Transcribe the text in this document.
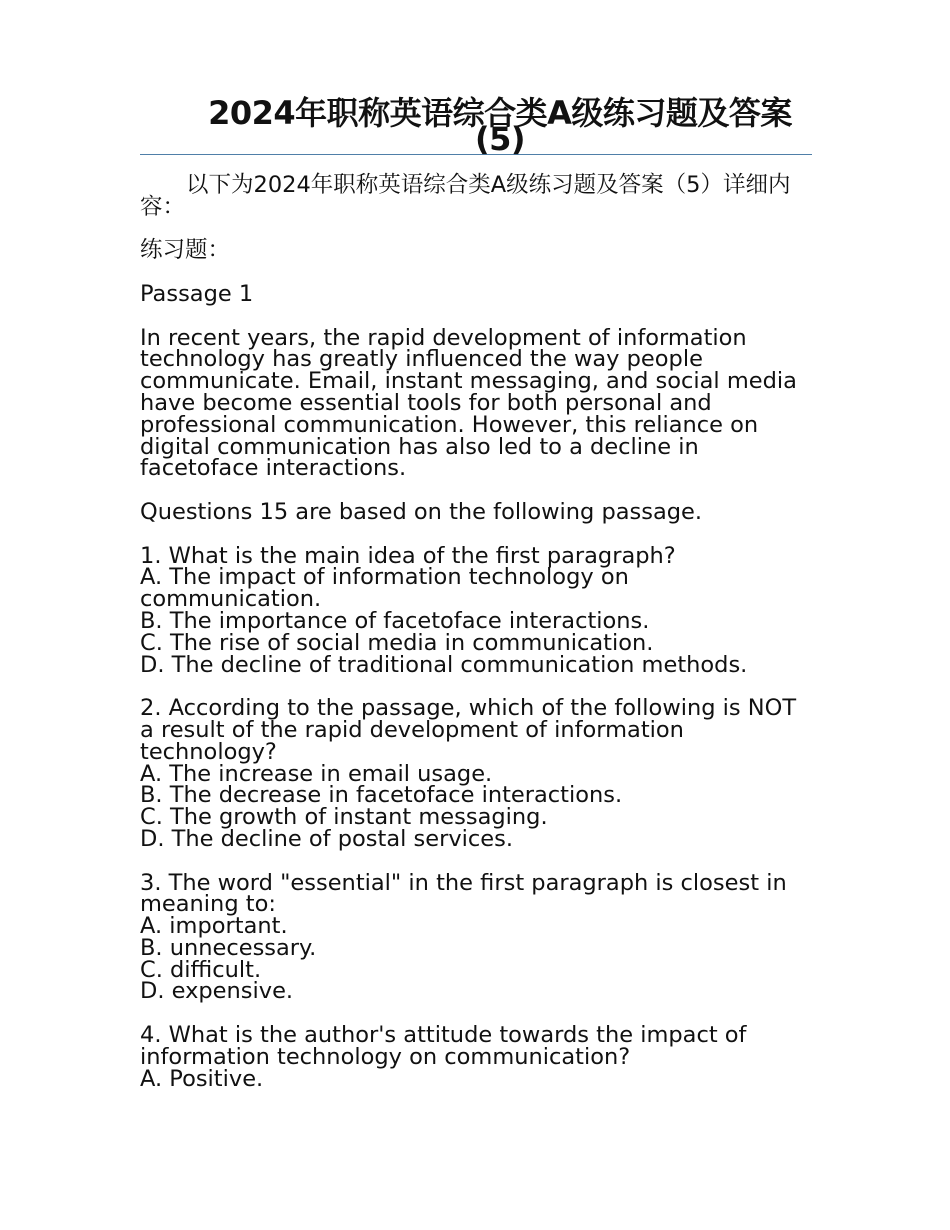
2024年职称英语综合类A级练习题及答案(5)

以下为2024年职称英语综合类A级练习题及答案（5）详细内容：

练习题：

Passage 1

In recent years, the rapid development of information technology has greatly influenced the way people communicate. Email, instant messaging, and social media have become essential tools for both personal and professional communication. However, this reliance on digital communication has also led to a decline in facetoface interactions.

Questions 15 are based on the following passage.

1. What is the main idea of the first paragraph?
A. The impact of information technology on communication.
B. The importance of facetoface interactions.
C. The rise of social media in communication.
D. The decline of traditional communication methods.
2. According to the passage, which of the following is NOT a result of the rapid development of information technology?
A. The increase in email usage.
B. The decrease in facetoface interactions.
C. The growth of instant messaging.
D. The decline of postal services.
3. The word "essential" in the first paragraph is closest in meaning to:
A. important.
B. unnecessary.
C. difficult.
D. expensive.
4. What is the author's attitude towards the impact of information technology on communication?
A. Positive.
